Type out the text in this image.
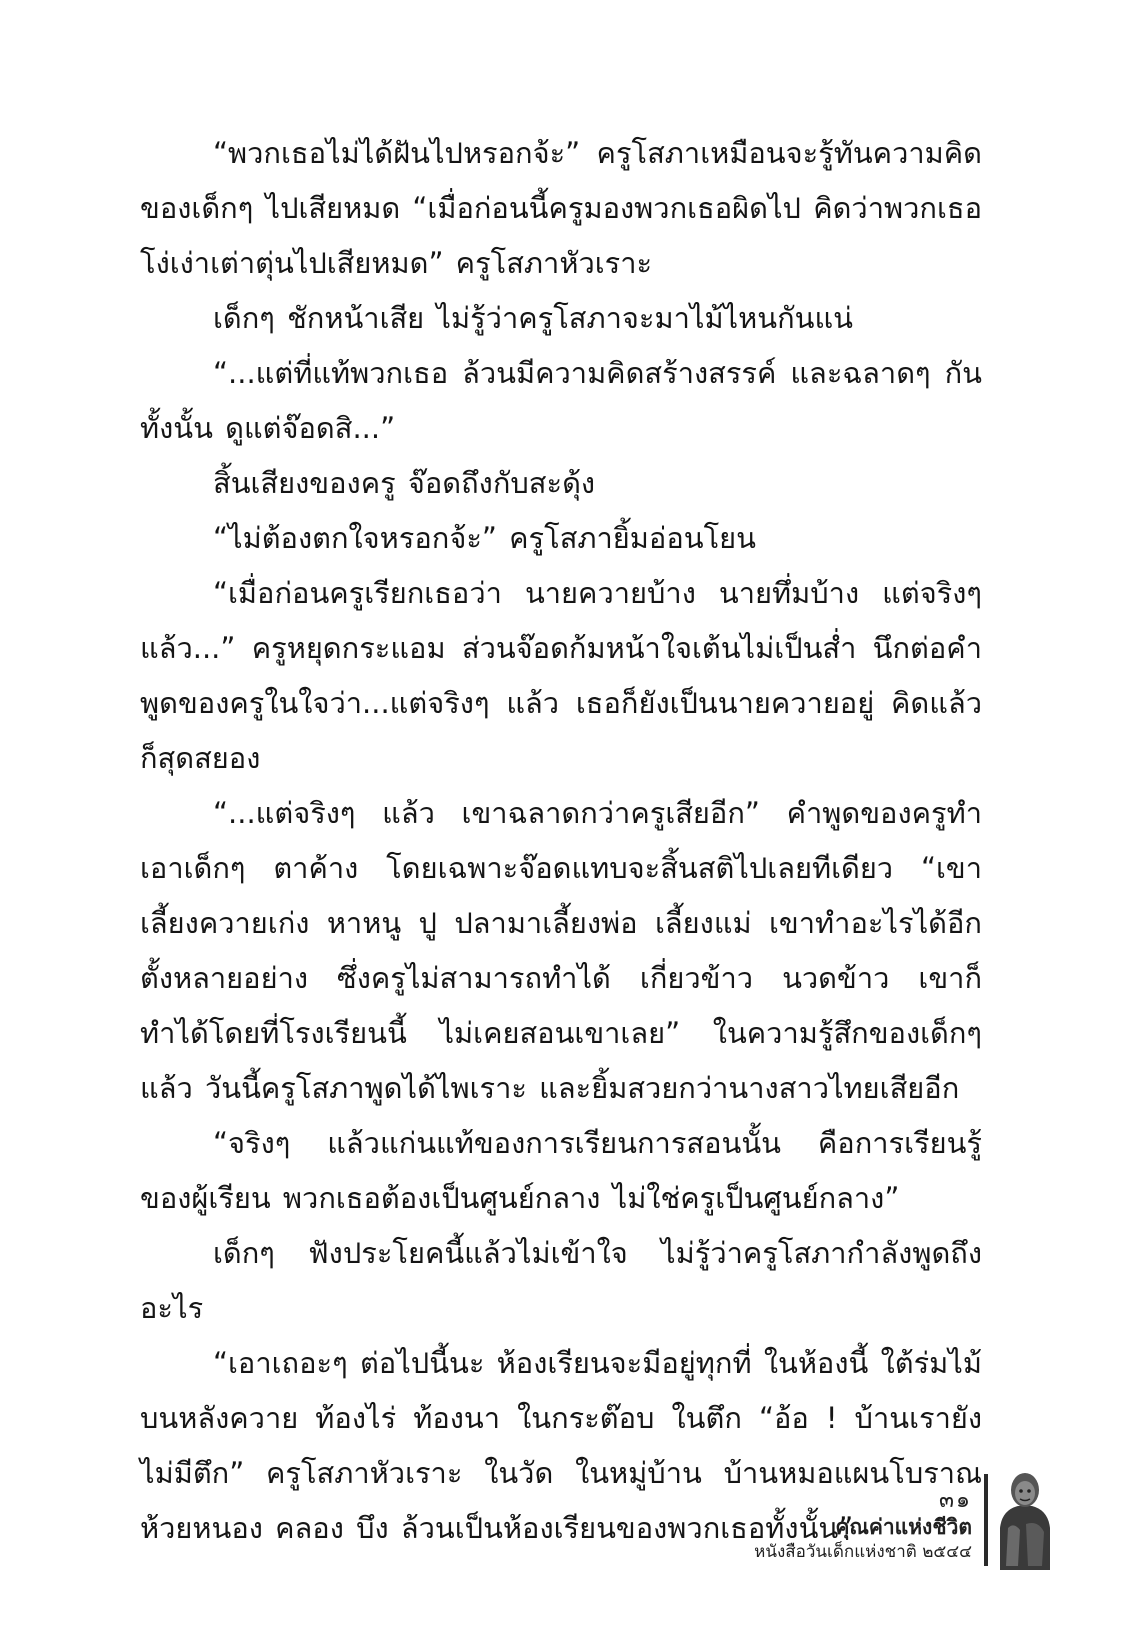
“พวกเธอไม่ได้ฝันไปหรอกจ้ะ” ครูโสภาเหมือนจะรู้ทันความคิดของเด็กๆ ไปเสียหมด “เมื่อก่อนนี้ครูมองพวกเธอผิดไป คิดว่าพวกเธอโง่เง่าเต่าตุ่นไปเสียหมด” ครูโสภาหัวเราะ

เด็กๆ ชักหน้าเสีย ไม่รู้ว่าครูโสภาจะมาไม้ไหนกันแน่

“...แต่ที่แท้พวกเธอ ล้วนมีความคิดสร้างสรรค์ และฉลาดๆ กันทั้งนั้น ดูแต่จ๊อดสิ...”

สิ้นเสียงของครู จ๊อดถึงกับสะดุ้ง

“ไม่ต้องตกใจหรอกจ้ะ” ครูโสภายิ้มอ่อนโยน

“เมื่อก่อนครูเรียกเธอว่า นายควายบ้าง นายทึ่มบ้าง แต่จริงๆ แล้ว...” ครูหยุดกระแอม ส่วนจ๊อดก้มหน้าใจเต้นไม่เป็นส่ำ นึกต่อคำพูดของครูในใจว่า...แต่จริงๆ แล้ว เธอก็ยังเป็นนายควายอยู่ คิดแล้วก็สุดสยอง

“...แต่จริงๆ แล้ว เขาฉลาดกว่าครูเสียอีก” คำพูดของครูทำเอาเด็กๆ ตาค้าง โดยเฉพาะจ๊อดแทบจะสิ้นสติไปเลยทีเดียว “เขาเลี้ยงควายเก่ง หาหนู ปู ปลามาเลี้ยงพ่อ เลี้ยงแม่ เขาทำอะไรได้อีกตั้งหลายอย่าง ซึ่งครูไม่สามารถทำได้ เกี่ยวข้าว นวดข้าว เขาก็ทำได้โดยที่โรงเรียนนี้ ไม่เคยสอนเขาเลย” ในความรู้สึกของเด็กๆ แล้ว วันนี้ครูโสภาพูดได้ไพเราะ และยิ้มสวยกว่านางสาวไทยเสียอีก

“จริงๆ แล้วแก่นแท้ของการเรียนการสอนนั้น คือการเรียนรู้ของผู้เรียน พวกเธอต้องเป็นศูนย์กลาง ไม่ใช่ครูเป็นศูนย์กลาง”

เด็กๆ ฟังประโยคนี้แล้วไม่เข้าใจ ไม่รู้ว่าครูโสภากำลังพูดถึงอะไร

“เอาเถอะๆ ต่อไปนี้นะ ห้องเรียนจะมีอยู่ทุกที่ ในห้องนี้ ใต้ร่มไม้บนหลังควาย ท้องไร่ ท้องนา ในกระต๊อบ ในตึก “อ้อ ! บ้านเรายังไม่มีตึก” ครูโสภาหัวเราะ ในวัด ในหมู่บ้าน บ้านหมอแผนโบราณ ห้วยหนอง คลอง บึง ล้วนเป็นห้องเรียนของพวกเธอทั้งนั้น”

๓๑
คุณค่าแห่งชีวิต
หนังสือวันเด็กแห่งชาติ ๒๕๔๔
